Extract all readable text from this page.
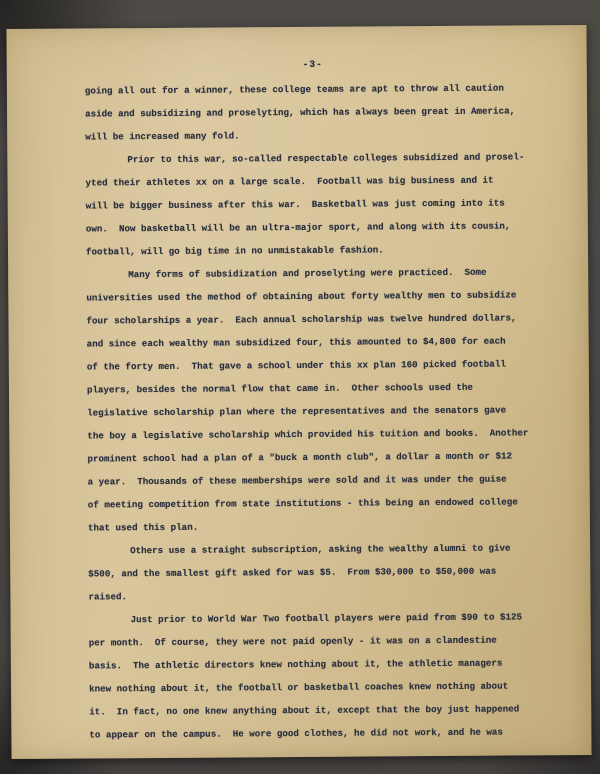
-3-
going all out for a winner, these college teams are apt to throw all caution
aside and subsidizing and proselyting, which has always been great in America,
will be increased many fold.
Prior to this war, so-called respectable colleges subsidized and prosel-
yted their athletes xx on a large scale.  Football was big business and it
will be bigger business after this war.  Basketball was just coming into its
own.  Now basketball will be an ultra-major sport, and along with its cousin,
football, will go big time in no unmistakable fashion.
Many forms of subsidization and proselyting were practiced.  Some
universities used the method of obtaining about forty wealthy men to subsidize
four scholarships a year.  Each annual scholarship was twelve hundred dollars,
and since each wealthy man subsidized four, this amounted to $4,800 for each
of the forty men.  That gave a school under this xx plan 160 picked football
players, besides the normal flow that came in.  Other schools used the
legislative scholarship plan where the representatives and the senators gave
the boy a legislative scholarship which provided his tuition and books.  Another
prominent school had a plan of a "buck a month club", a dollar a month or $12
a year.  Thousands of these memberships were sold and it was under the guise
of meeting competition from state institutions - this being an endowed college
that used this plan.
Others use a straight subscription, asking the wealthy alumni to give
$500, and the smallest gift asked for was $5.  From $30,000 to $50,000 was
raised.
Just prior to World War Two football players were paid from $90 to $125
per month.  Of course, they were not paid openly - it was on a clandestine
basis.  The athletic directors knew nothing about it, the athletic managers
knew nothing about it, the football or basketball coaches knew nothing about
it.  In fact, no one knew anything about it, except that the boy just happened
to appear on the campus.  He wore good clothes, he did not work, and he was
